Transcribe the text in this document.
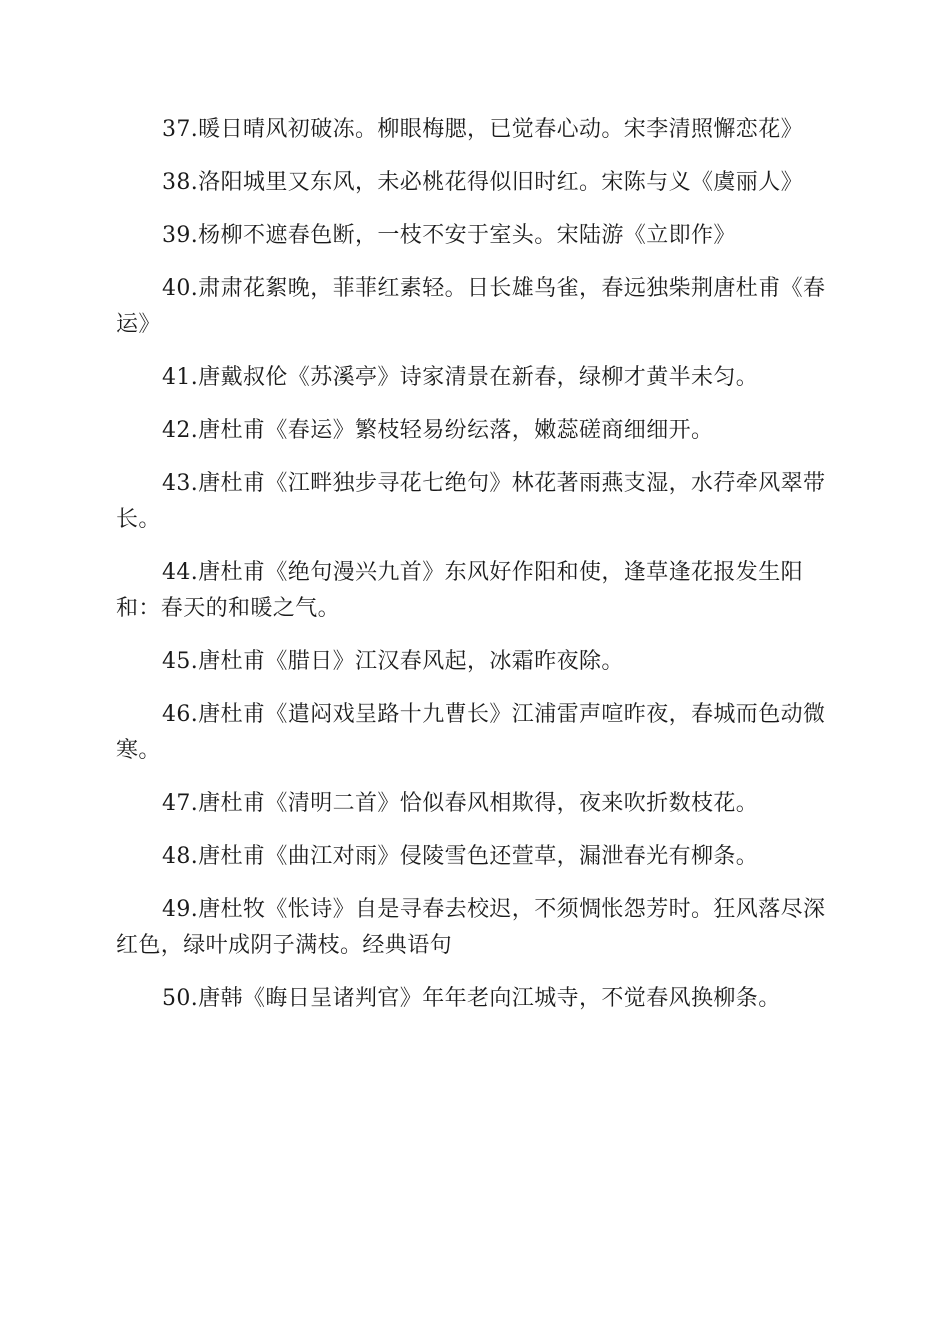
37.暖日晴风初破冻。柳眼梅腮，已觉春心动。宋李清照懈恋花》

38.洛阳城里又东风，未必桃花得似旧时红。宋陈与义《虞丽人》

39.杨柳不遮春色断，一枝不安于室头。宋陆游《立即作》

40.肃肃花絮晚，菲菲红素轻。日长雄鸟雀，春远独柴荆唐杜甫《春运》

41.唐戴叔伦《苏溪亭》诗家清景在新春，绿柳才黄半未匀。

42.唐杜甫《春运》繁枝轻易纷纭落，嫩蕊磋商细细开。

43.唐杜甫《江畔独步寻花七绝句》林花著雨燕支湿，水荇牵风翠带长。

44.唐杜甫《绝句漫兴九首》东风好作阳和使，逢草逢花报发生阳和：春天的和暖之气。

45.唐杜甫《腊日》江汉春风起，冰霜昨夜除。

46.唐杜甫《遣闷戏呈路十九曹长》江浦雷声喧昨夜，春城而色动微寒。

47.唐杜甫《清明二首》恰似春风相欺得，夜来吹折数枝花。

48.唐杜甫《曲江对雨》侵陵雪色还萱草，漏泄春光有柳条。

49.唐杜牧《怅诗》自是寻春去校迟，不须惆怅怨芳时。狂风落尽深红色，绿叶成阴子满枝。经典语句

50.唐韩《晦日呈诸判官》年年老向江城寺，不觉春风换柳条。
